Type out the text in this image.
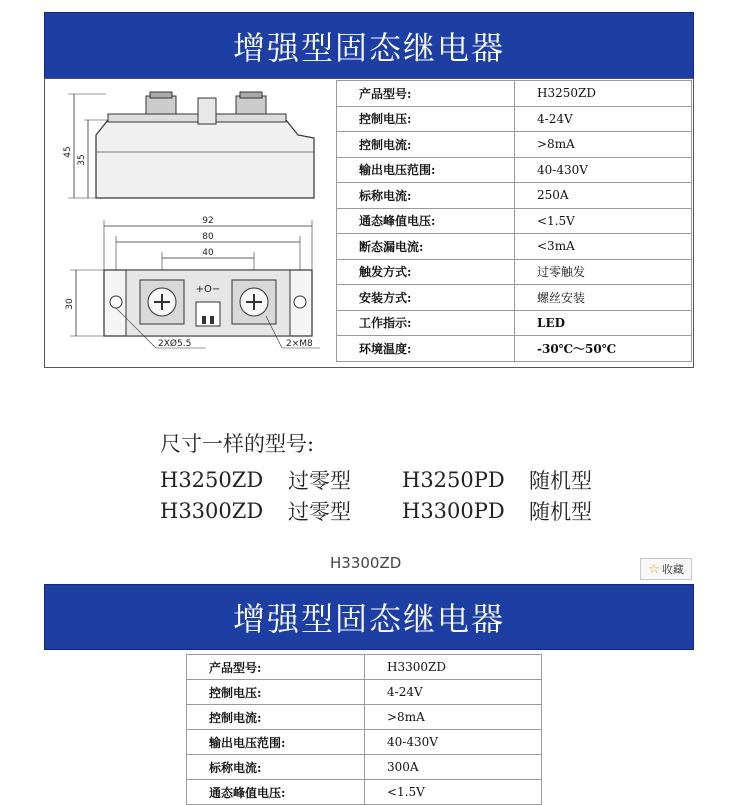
增强型固态继电器
45
35
92
80
40
+O−
30
2XØ5.5	2×M8
产品型号:	H3250ZD
控制电压:	4-24V
控制电流:	>8mA
输出电压范围:	40-430V
标称电流:	250A
通态峰值电压:	<1.5V
断态漏电流:	<3mA
触发方式:	过零触发
安装方式:	螺丝安装
工作指示:	LED
环境温度:	-30℃〜50℃
尺寸一样的型号:
H3250ZD	过零型	H3250PD	随机型
H3300ZD	过零型	H3300PD	随机型
H3300ZD	☆ 收藏
增强型固态继电器
产品型号:	H3300ZD
控制电压:	4-24V
控制电流:	>8mA
输出电压范围:	40-430V
标称电流:	300A
通态峰值电压:	<1.5V
